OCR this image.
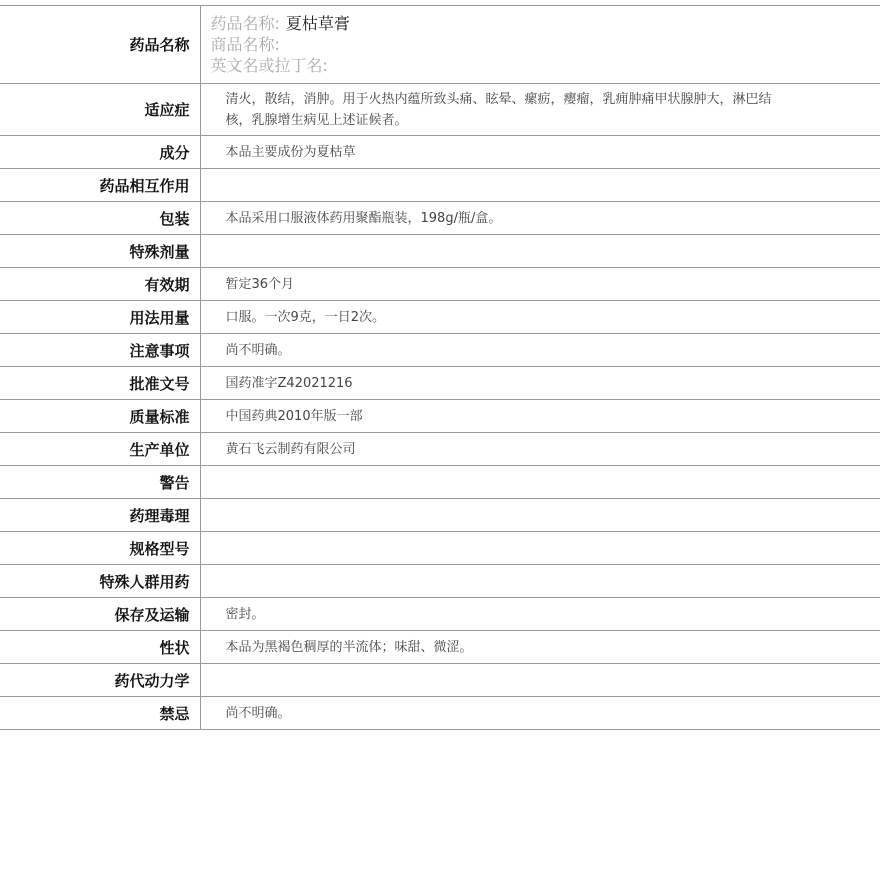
药品名称	药品名称: 夏枯草膏
商品名称:
英文名或拉丁名:

适应症	清火，散结，消肿。用于火热内蕴所致头痛、眩晕、瘰疬，瘿瘤，乳痈肿痛甲状腺肿大，淋巴结核，乳腺增生病见上述证候者。
成分	本品主要成份为夏枯草
药品相互作用	
包装	本品采用口服液体药用聚酯瓶装，198g/瓶/盒。
特殊剂量	
有效期	暂定36个月
用法用量	口服。一次9克，一日2次。
注意事项	尚不明确。
批准文号	国药准字Z42021216
质量标准	中国药典2010年版一部
生产单位	黄石飞云制药有限公司
警告	
药理毒理	
规格型号	
特殊人群用药	
保存及运输	密封。
性状	本品为黑褐色稠厚的半流体；味甜、微涩。
药代动力学	
禁忌	尚不明确。
